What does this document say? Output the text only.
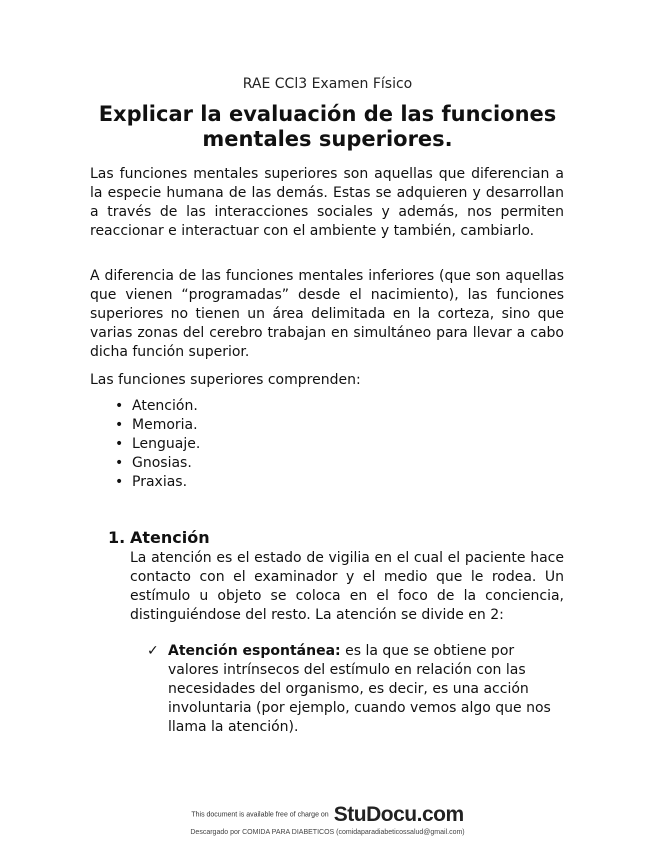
RAE CCl3 Examen Físico
Explicar la evaluación de las funciones mentales superiores.

Las funciones mentales superiores son aquellas que diferencian a la especie humana de las demás. Estas se adquieren y desarrollan a través de las interacciones sociales y además, nos permiten reaccionar e interactuar con el ambiente y también, cambiarlo.

A diferencia de las funciones mentales inferiores (que son aquellas que vienen “programadas” desde el nacimiento), las funciones superiores no tienen un área delimitada en la corteza, sino que varias zonas del cerebro trabajan en simultáneo para llevar a cabo dicha función superior.

Las funciones superiores comprenden:

• Atención.
• Memoria.
• Lenguaje.
• Gnosias.
• Praxias.
1. Atención

La atención es el estado de vigilia en el cual el paciente hace contacto con el examinador y el medio que le rodea. Un estímulo u objeto se coloca en el foco de la conciencia, distinguiéndose del resto. La atención se divide en 2:

✓ Atención espontánea: es la que se obtiene por valores intrínsecos del estímulo en relación con las necesidades del organismo, es decir, es una acción involuntaria (por ejemplo, cuando vemos algo que nos llama la atención).

This document is available free of charge on StuDocu.com
Descargado por COMIDA PARA DIABETICOS (comidaparadiabeticossalud@gmail.com)
